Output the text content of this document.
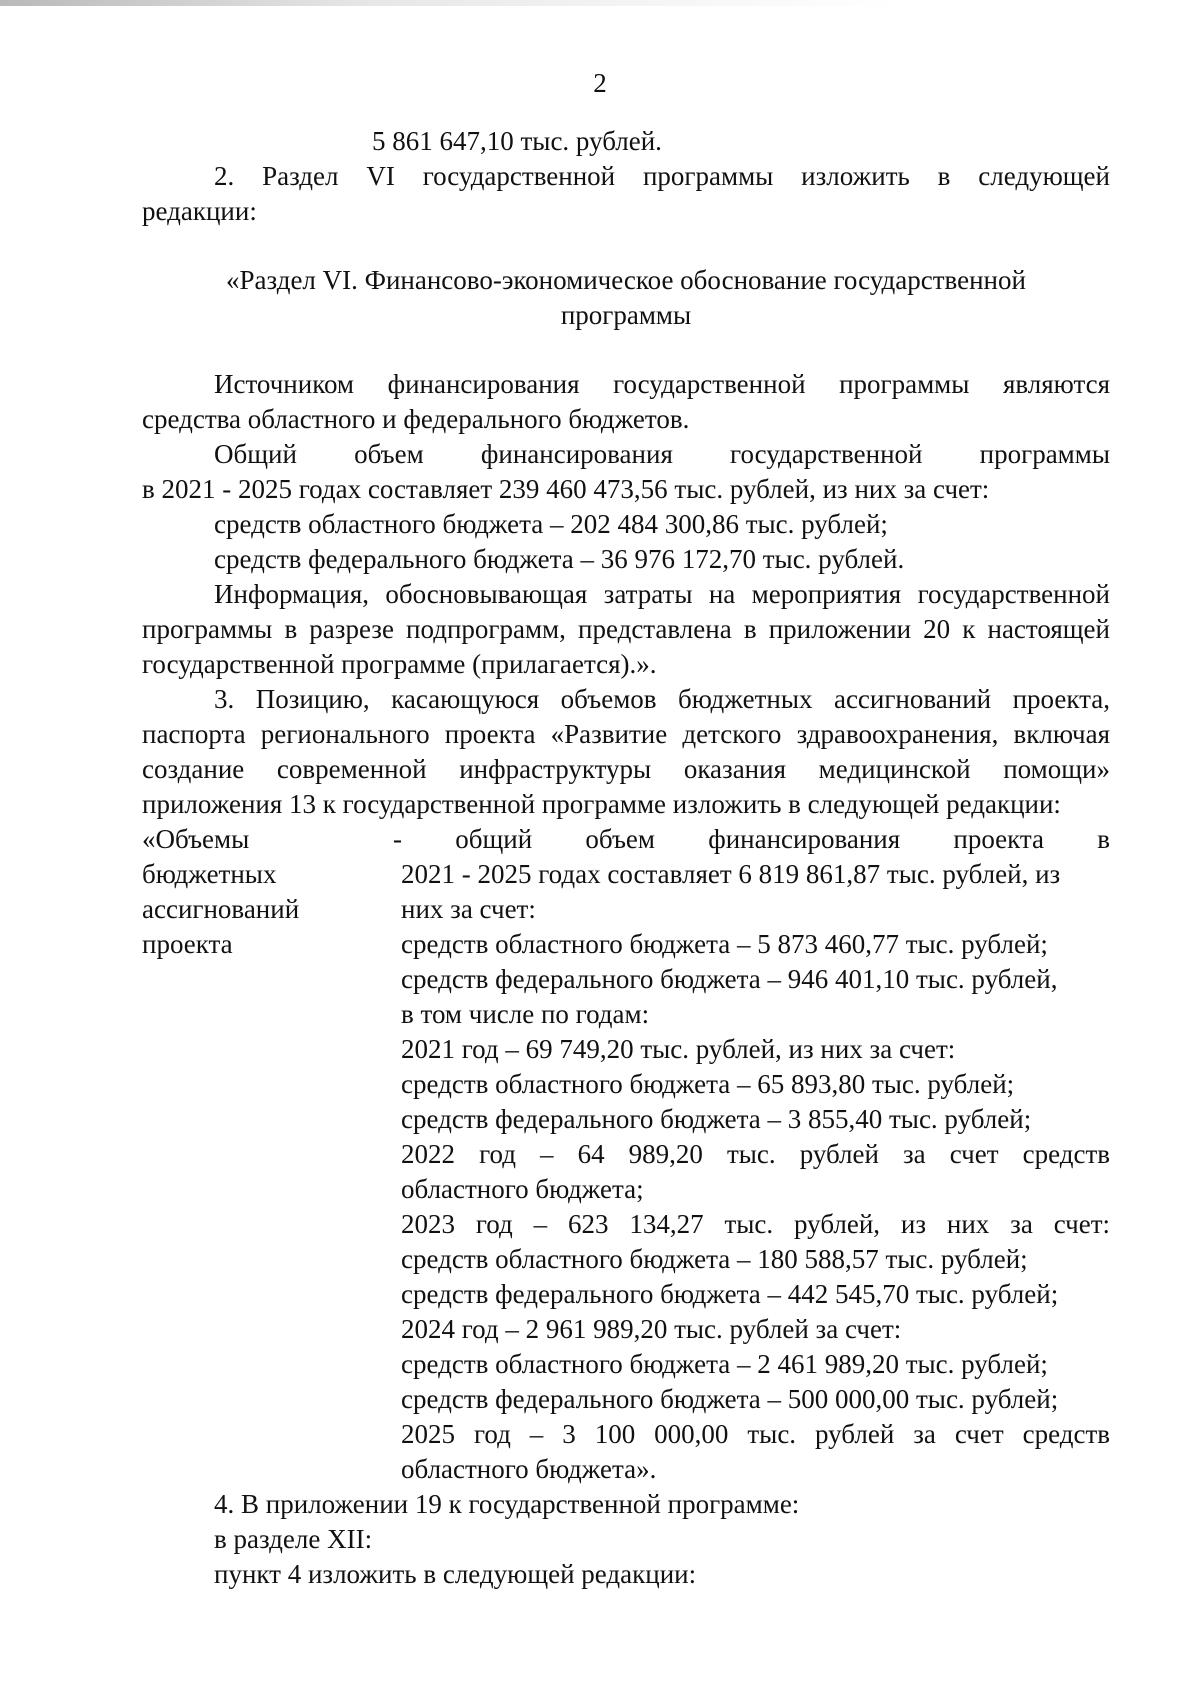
2
5 861 647,10 тыс. рублей.
2. Раздел VI государственной программы изложить в следующей
редакции:
«Раздел VI. Финансово-экономическое обоснование государственной
программы
Источником финансирования государственной программы являются
средства областного и федерального бюджетов.
Общий объем финансирования государственной программы
в 2021 - 2025 годах составляет 239 460 473,56 тыс. рублей, из них за счет:
средств областного бюджета – 202 484 300,86 тыс. рублей;
средств федерального бюджета – 36 976 172,70 тыс. рублей.
Информация, обосновывающая затраты на мероприятия государственной
программы в разрезе подпрограмм, представлена в приложении 20 к настоящей
государственной программе (прилагается).».
3. Позицию, касающуюся объемов бюджетных ассигнований проекта,
паспорта регионального проекта «Развитие детского здравоохранения, включая
создание современной инфраструктуры оказания медицинской помощи»
приложения 13 к государственной программе изложить в следующей редакции:
«Объемы
бюджетных
ассигнований
проекта
- общий объем финансирования проекта в
2021 - 2025 годах составляет 6 819 861,87 тыс. рублей, из
них за счет:
средств областного бюджета – 5 873 460,77 тыс. рублей;
средств федерального бюджета – 946 401,10 тыс. рублей,
в том числе по годам:
2021 год – 69 749,20 тыс. рублей, из них за счет:
средств областного бюджета – 65 893,80 тыс. рублей;
средств федерального бюджета – 3 855,40 тыс. рублей;
2022 год – 64 989,20 тыс. рублей за счет средств
областного бюджета;
2023 год – 623 134,27 тыс. рублей, из них за счет:
средств областного бюджета – 180 588,57 тыс. рублей;
средств федерального бюджета – 442 545,70 тыс. рублей;
2024 год – 2 961 989,20 тыс. рублей за счет:
средств областного бюджета – 2 461 989,20 тыс. рублей;
средств федерального бюджета – 500 000,00 тыс. рублей;
2025 год – 3 100 000,00 тыс. рублей за счет средств
областного бюджета».
4. В приложении 19 к государственной программе:
в разделе XII:
пункт 4 изложить в следующей редакции:
